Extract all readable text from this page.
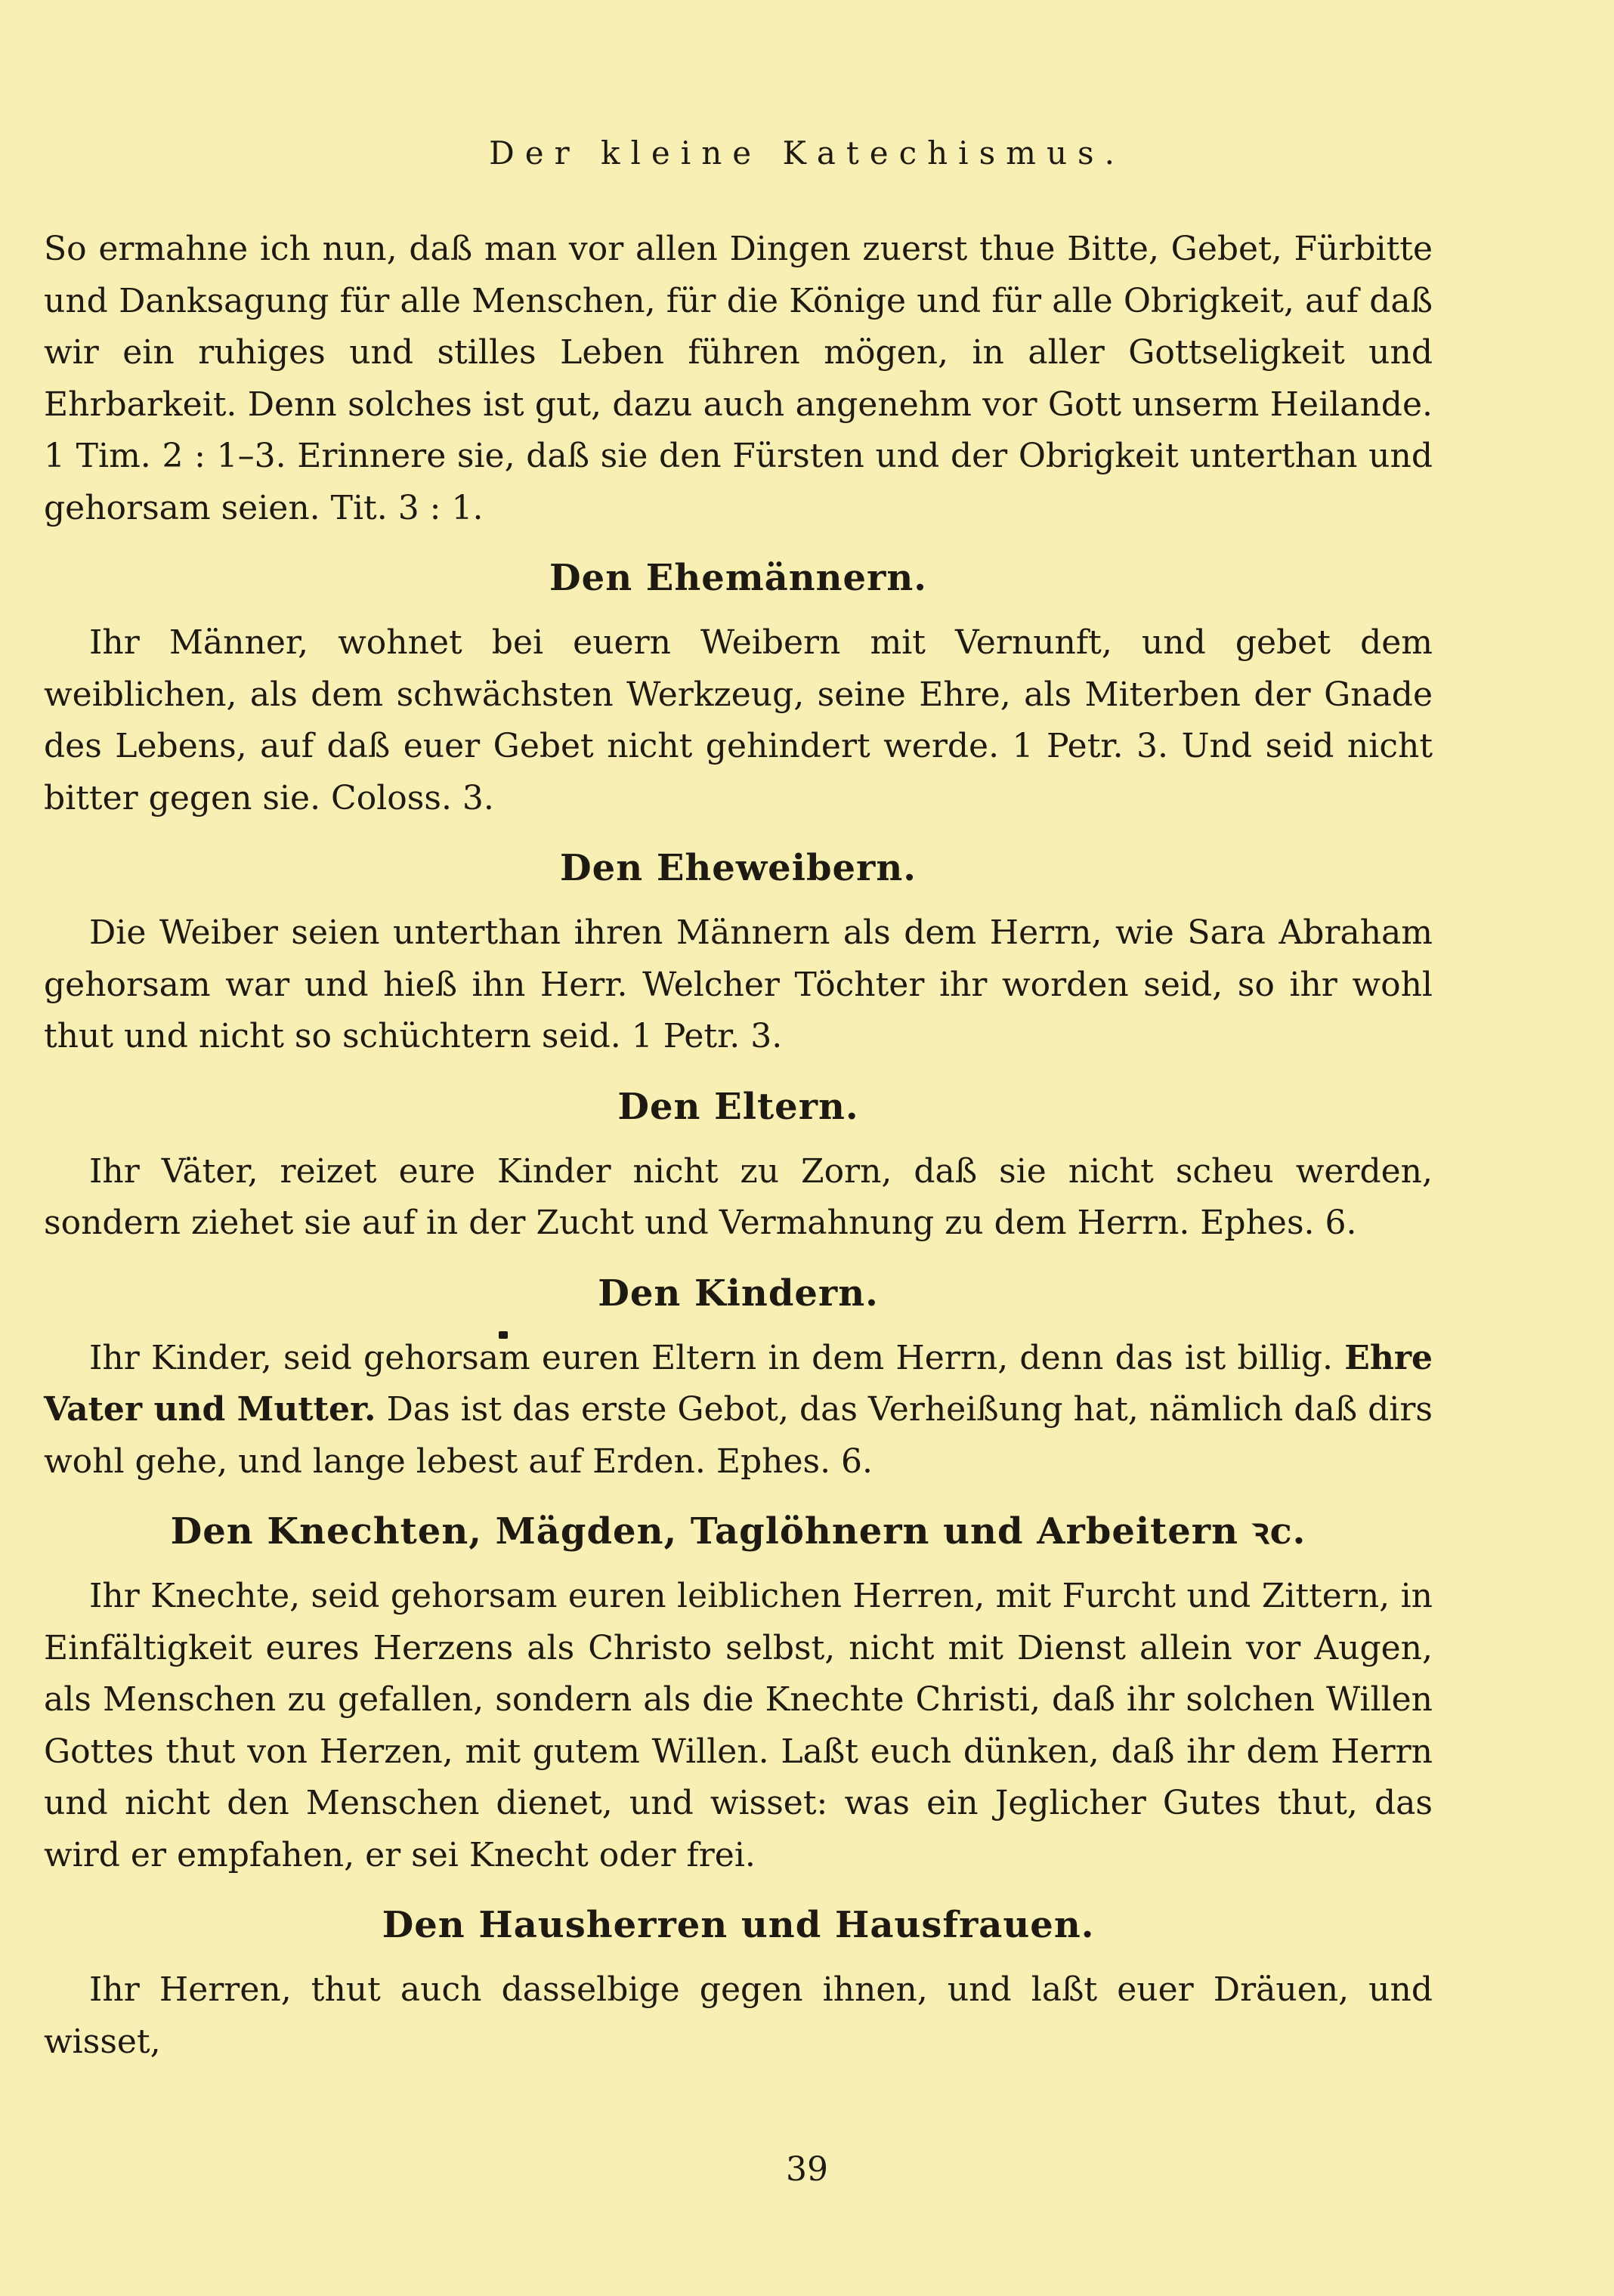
Der kleine Katechismus.

So ermahne ich nun, daß man vor allen Dingen zuerst thue Bitte, Gebet, Fürbitte und Danksagung für alle Menschen, für die Könige und für alle Obrigkeit, auf daß wir ein ruhiges und stilles Leben führen mögen, in aller Gottseligkeit und Ehrbarkeit. Denn solches ist gut, dazu auch angenehm vor Gott unserm Heilande. 1 Tim. 2 : 1–3. Erinnere sie, daß sie den Fürsten und der Obrigkeit unterthan und gehorsam seien. Tit. 3 : 1.

Den Ehemännern.

Ihr Männer, wohnet bei euern Weibern mit Vernunft, und gebet dem weiblichen, als dem schwächsten Werkzeug, seine Ehre, als Miterben der Gnade des Lebens, auf daß euer Gebet nicht gehindert werde. 1 Petr. 3. Und seid nicht bitter gegen sie. Coloss. 3.

Den Eheweibern.

Die Weiber seien unterthan ihren Männern als dem Herrn, wie Sara Abraham gehorsam war und hieß ihn Herr. Welcher Töchter ihr worden seid, so ihr wohl thut und nicht so schüchtern seid. 1 Petr. 3.

Den Eltern.

Ihr Väter, reizet eure Kinder nicht zu Zorn, daß sie nicht scheu werden, sondern ziehet sie auf in der Zucht und Vermahnung zu dem Herrn. Ephes. 6.

Den Kindern.

Ihr Kinder, seid gehorsam euren Eltern in dem Herrn, denn das ist billig. Ehre Vater und Mutter. Das ist das erste Gebot, das Verheißung hat, nämlich daß dirs wohl gehe, und lange lebest auf Erden. Ephes. 6.

Den Knechten, Mägden, Taglöhnern und Arbeitern ꝛc.

Ihr Knechte, seid gehorsam euren leiblichen Herren, mit Furcht und Zittern, in Einfältigkeit eures Herzens als Christo selbst, nicht mit Dienst allein vor Augen, als Menschen zu gefallen, sondern als die Knechte Christi, daß ihr solchen Willen Gottes thut von Herzen, mit gutem Willen. Laßt euch dünken, daß ihr dem Herrn und nicht den Menschen dienet, und wisset: was ein Jeglicher Gutes thut, das wird er empfahen, er sei Knecht oder frei.

Den Hausherren und Hausfrauen.

Ihr Herren, thut auch dasselbige gegen ihnen, und laßt euer Dräuen, und wisset,

39
